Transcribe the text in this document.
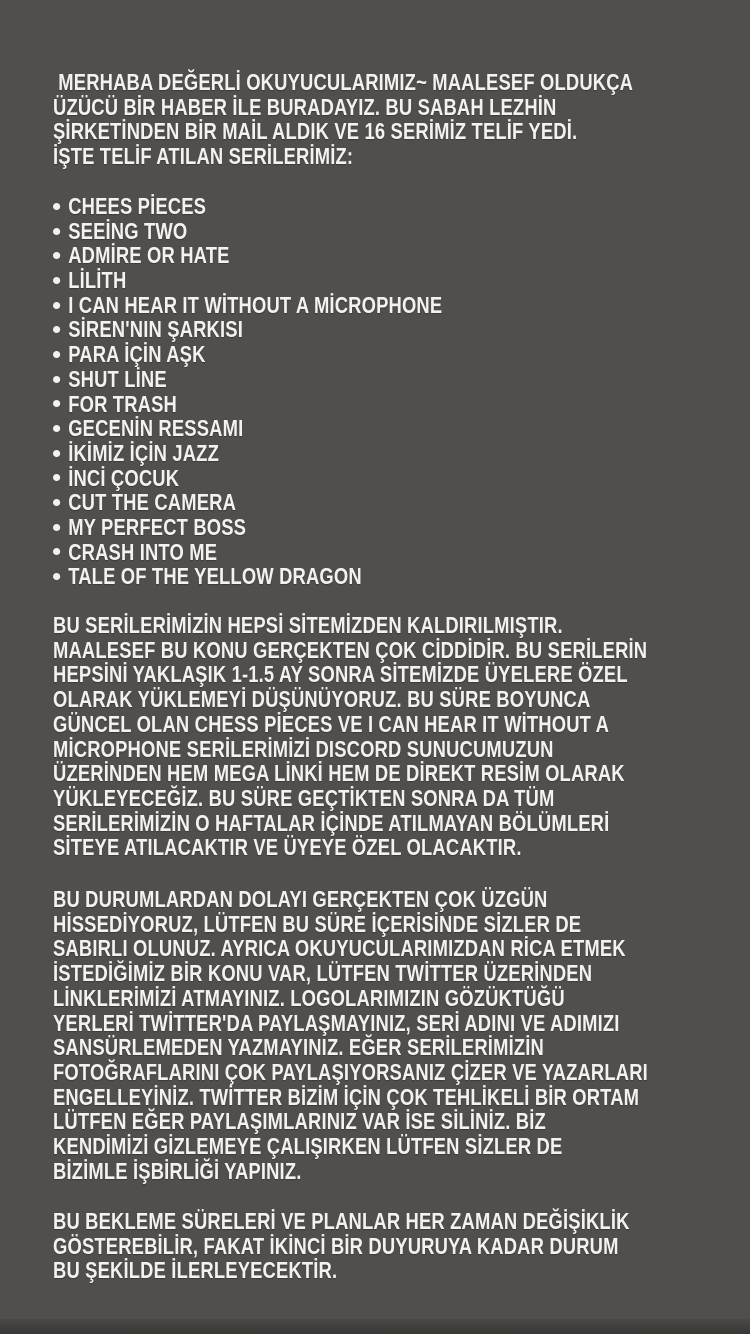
MERHABA DEĞERLİ OKUYUCULARIMIZ~ MAALESEF OLDUKÇA
ÜZÜCÜ BİR HABER İLE BURADAYIZ. BU SABAH LEZHİN
ŞİRKETİNDEN BİR MAİL ALDIK VE 16 SERİMİZ TELİF YEDİ.
İŞTE TELİF ATILAN SERİLERİMİZ:
CHEES PİECES
SEEİNG TWO
ADMİRE OR HATE
LİLİTH
I CAN HEAR IT WİTHOUT A MİCROPHONE
SİREN'NIN ŞARKISI
PARA İÇİN AŞK
SHUT LİNE
FOR TRASH
GECENİN RESSAMI
İKİMİZ İÇİN JAZZ
İNCİ ÇOCUK
CUT THE CAMERA
MY PERFECT BOSS
CRASH INTO ME
TALE OF THE YELLOW DRAGON
BU SERİLERİMİZİN HEPSİ SİTEMİZDEN KALDIRILMIŞTIR.
MAALESEF BU KONU GERÇEKTEN ÇOK CİDDİDİR. BU SERİLERİN
HEPSİNİ YAKLAŞIK 1-1.5 AY SONRA SİTEMİZDE ÜYELERE ÖZEL
OLARAK YÜKLEMEYİ DÜŞÜNÜYORUZ. BU SÜRE BOYUNCA
GÜNCEL OLAN CHESS PİECES VE I CAN HEAR IT WİTHOUT A
MİCROPHONE SERİLERİMİZİ DISCORD SUNUCUMUZUN
ÜZERİNDEN HEM MEGA LİNKİ HEM DE DİREKT RESİM OLARAK
YÜKLEYECEĞİZ. BU SÜRE GEÇTİKTEN SONRA DA TÜM
SERİLERİMİZİN O HAFTALAR İÇİNDE ATILMAYAN BÖLÜMLERİ
SİTEYE ATILACAKTIR VE ÜYEYE ÖZEL OLACAKTIR.
BU DURUMLARDAN DOLAYI GERÇEKTEN ÇOK ÜZGÜN
HİSSEDİYORUZ, LÜTFEN BU SÜRE İÇERİSİNDE SİZLER DE
SABIRLI OLUNUZ. AYRICA OKUYUCULARIMIZDAN RİCA ETMEK
İSTEDİĞİMİZ BİR KONU VAR, LÜTFEN TWİTTER ÜZERİNDEN
LİNKLERİMİZİ ATMAYINIZ. LOGOLARIMIZIN GÖZÜKTÜĞÜ
YERLERİ TWİTTER'DA PAYLAŞMAYINIZ, SERİ ADINI VE ADIMIZI
SANSÜRLEMEDEN YAZMAYINIZ. EĞER SERİLERİMİZİN
FOTOĞRAFLARINI ÇOK PAYLAŞIYORSANIZ ÇİZER VE YAZARLARI
ENGELLEYİNİZ. TWİTTER BİZİM İÇİN ÇOK TEHLİKELİ BİR ORTAM
LÜTFEN EĞER PAYLAŞIMLARINIZ VAR İSE SİLİNİZ. BİZ
KENDİMİZİ GİZLEMEYE ÇALIŞIRKEN LÜTFEN SİZLER DE
BİZİMLE İŞBİRLİĞİ YAPINIZ.
BU BEKLEME SÜRELERİ VE PLANLAR HER ZAMAN DEĞİŞİKLİK
GÖSTEREBİLİR, FAKAT İKİNCİ BİR DUYURUYA KADAR DURUM
BU ŞEKİLDE İLERLEYECEKTİR.
